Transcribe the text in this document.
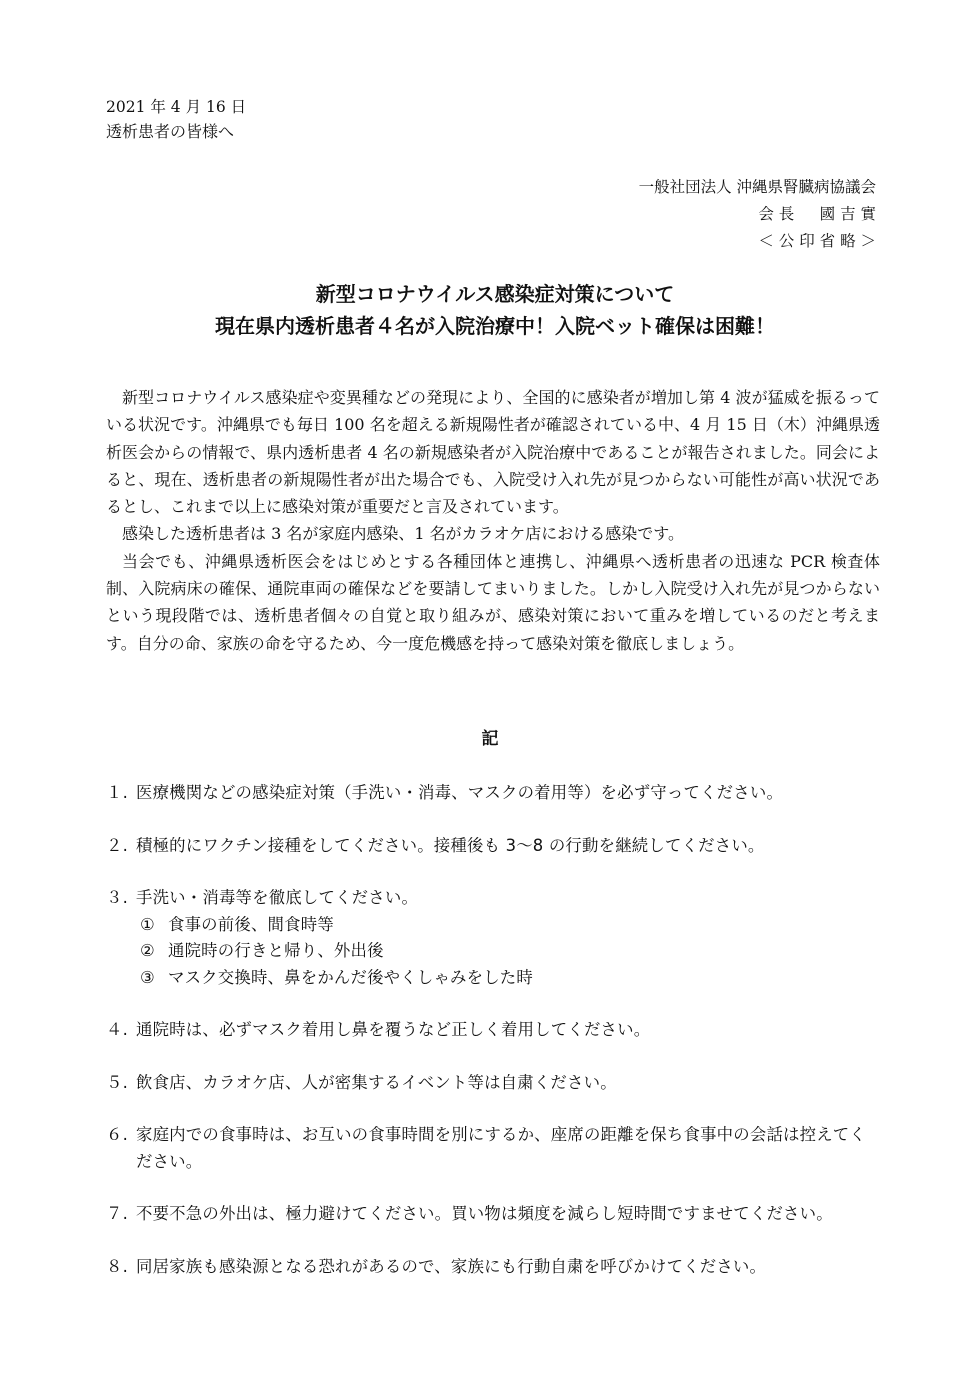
2021 年 4 月 16 日
透析患者の皆様へ
一般社団法人 沖縄県腎臓病協議会
会 長 　 國 吉 實
＜ 公 印 省 略 ＞
新型コロナウイルス感染症対策について
現在県内透析患者４名が入院治療中！入院ベット確保は困難！

新型コロナウイルス感染症や変異種などの発現により、全国的に感染者が増加し第 4 波が猛威を振るっている状況です。沖縄県でも毎日 100 名を超える新規陽性者が確認されている中、4 月 15 日（木）沖縄県透析医会からの情報で、県内透析患者 4 名の新規感染者が入院治療中であることが報告されました。同会によると、現在、透析患者の新規陽性者が出た場合でも、入院受け入れ先が見つからない可能性が高い状況であるとし、これまで以上に感染対策が重要だと言及されています。

感染した透析患者は 3 名が家庭内感染、1 名がカラオケ店における感染です。

当会でも、沖縄県透析医会をはじめとする各種団体と連携し、沖縄県へ透析患者の迅速な PCR 検査体制、入院病床の確保、通院車両の確保などを要請してまいりました。しかし入院受け入れ先が見つからないという現段階では、透析患者個々の自覚と取り組みが、感染対策において重みを増しているのだと考えます。自分の命、家族の命を守るため、今一度危機感を持って感染対策を徹底しましょう。

記
１. 医療機関などの感染症対策（手洗い・消毒、マスクの着用等）を必ず守ってください。
２. 積極的にワクチン接種をしてください。接種後も 3～8 の行動を継続してください。
３. 手洗い・消毒等を徹底してください。
① 食事の前後、間食時等
② 通院時の行きと帰り、外出後
③ マスク交換時、鼻をかんだ後やくしゃみをした時
４. 通院時は、必ずマスク着用し鼻を覆うなど正しく着用してください。
５. 飲食店、カラオケ店、人が密集するイベント等は自粛ください。
６. 家庭内での食事時は、お互いの食事時間を別にするか、座席の距離を保ち食事中の会話は控えてください。
７. 不要不急の外出は、極力避けてください。買い物は頻度を減らし短時間ですませてください。
８. 同居家族も感染源となる恐れがあるので、家族にも行動自粛を呼びかけてください。
